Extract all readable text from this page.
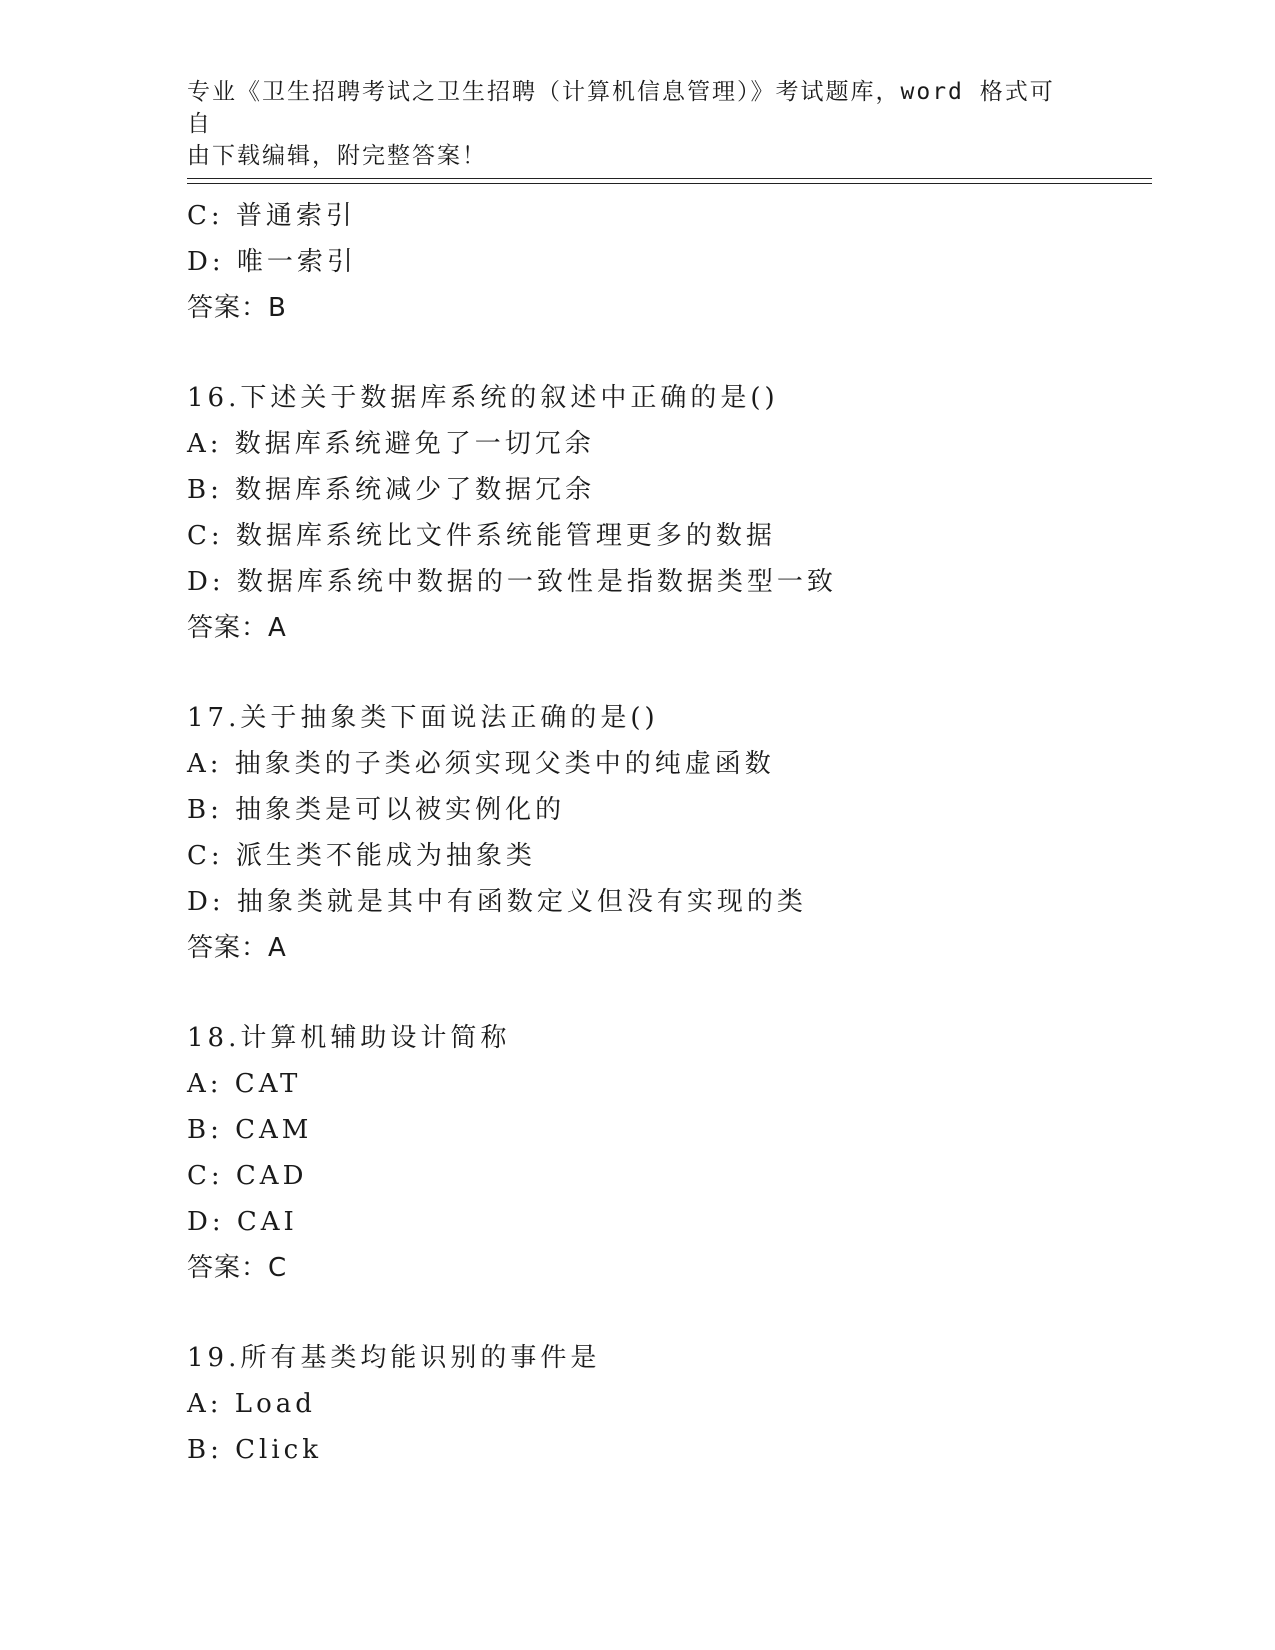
专业《卫生招聘考试之卫生招聘（计算机信息管理）》考试题库，word 格式可自
由下载编辑，附完整答案！
C: 普通索引
D: 唯一索引
答案：B
16.下述关于数据库系统的叙述中正确的是()
A: 数据库系统避免了一切冗余
B: 数据库系统减少了数据冗余
C: 数据库系统比文件系统能管理更多的数据
D: 数据库系统中数据的一致性是指数据类型一致
答案：A
17.关于抽象类下面说法正确的是()
A: 抽象类的子类必须实现父类中的纯虚函数
B: 抽象类是可以被实例化的
C: 派生类不能成为抽象类
D: 抽象类就是其中有函数定义但没有实现的类
答案：A
18.计算机辅助设计简称
A: CAT
B: CAM
C: CAD
D: CAI
答案：C
19.所有基类均能识别的事件是
A: Load
B: Click
